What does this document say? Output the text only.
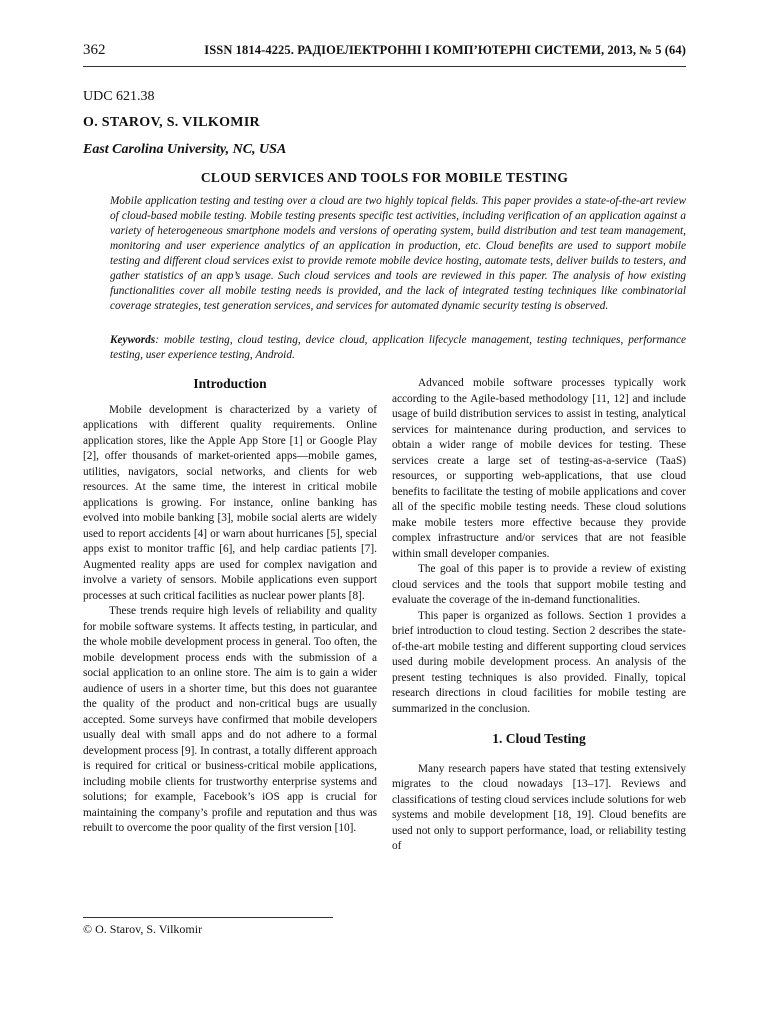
362	ISSN 1814-4225. РАДІОЕЛЕКТРОННІ І КОМП’ЮТЕРНІ СИСТЕМИ, 2013, № 5 (64)
UDC 621.38
O. STAROV, S. VILKOMIR
East Carolina University, NC, USA
CLOUD SERVICES AND TOOLS FOR MOBILE TESTING

Mobile application testing and testing over a cloud are two highly topical fields. This paper provides a state-of-the-art review of cloud-based mobile testing. Mobile testing presents specific test activities, including verification of an application against a variety of heterogeneous smartphone models and versions of operating system, build distribution and test team management, monitoring and user experience analytics of an application in production, etc. Cloud benefits are used to support mobile testing and different cloud services exist to provide remote mobile device hosting, automate tests, deliver builds to testers, and gather statistics of an app’s usage. Such cloud services and tools are reviewed in this paper. The analysis of how existing functionalities cover all mobile testing needs is provided, and the lack of integrated testing techniques like combinatorial coverage strategies, test generation services, and services for automated dynamic security testing is observed.

Keywords: mobile testing, cloud testing, device cloud, application lifecycle management, testing techniques, performance testing, user experience testing, Android.

Introduction

Mobile development is characterized by a variety of applications with different quality requirements. Online application stores, like the Apple App Store [1] or Google Play [2], offer thousands of market-oriented apps—mobile games, utilities, navigators, social networks, and clients for web resources. At the same time, the interest in critical mobile applications is growing. For instance, online banking has evolved into mobile banking [3], mobile social alerts are widely used to report accidents [4] or warn about hurricanes [5], special apps exist to monitor traffic [6], and help cardiac patients [7]. Augmented reality apps are used for complex navigation and involve a variety of sensors. Mobile applications even support processes at such critical facilities as nuclear power plants [8].

These trends require high levels of reliability and quality for mobile software systems. It affects testing, in particular, and the whole mobile development process in general. Too often, the mobile development process ends with the submission of a social application to an online store. The aim is to gain a wider audience of users in a shorter time, but this does not guarantee the quality of the product and non-critical bugs are usually accepted. Some surveys have confirmed that mobile developers usually deal with small apps and do not adhere to a formal development process [9]. In contrast, a totally different approach is required for critical or business-critical mobile applications, including mobile clients for trustworthy enterprise systems and solutions; for example, Facebook’s iOS app is crucial for maintaining the company’s profile and reputation and thus was rebuilt to overcome the poor quality of the first version [10].

Advanced mobile software processes typically work according to the Agile-based methodology [11, 12] and include usage of build distribution services to assist in testing, analytical services for maintenance during production, and services to obtain a wider range of mobile devices for testing. These services create a large set of testing-as-a-service (TaaS) resources, or supporting web-applications, that use cloud benefits to facilitate the testing of mobile applications and cover all of the specific mobile testing needs. These cloud solutions make mobile testers more effective because they provide complex infrastructure and/or services that are not feasible within small developer companies.

The goal of this paper is to provide a review of existing cloud services and the tools that support mobile testing and evaluate the coverage of the in-demand functionalities.

This paper is organized as follows. Section 1 provides a brief introduction to cloud testing. Section 2 describes the state-of-the-art mobile testing and different supporting cloud services used during mobile development process. An analysis of the present testing techniques is also provided. Finally, topical research directions in cloud facilities for mobile testing are summarized in the conclusion.

1. Cloud Testing

Many research papers have stated that testing extensively migrates to the cloud nowadays [13–17]. Reviews and classifications of testing cloud services include solutions for web systems and mobile development [18, 19]. Cloud benefits are used not only to support performance, load, or reliability testing of

© O. Starov, S. Vilkomir
